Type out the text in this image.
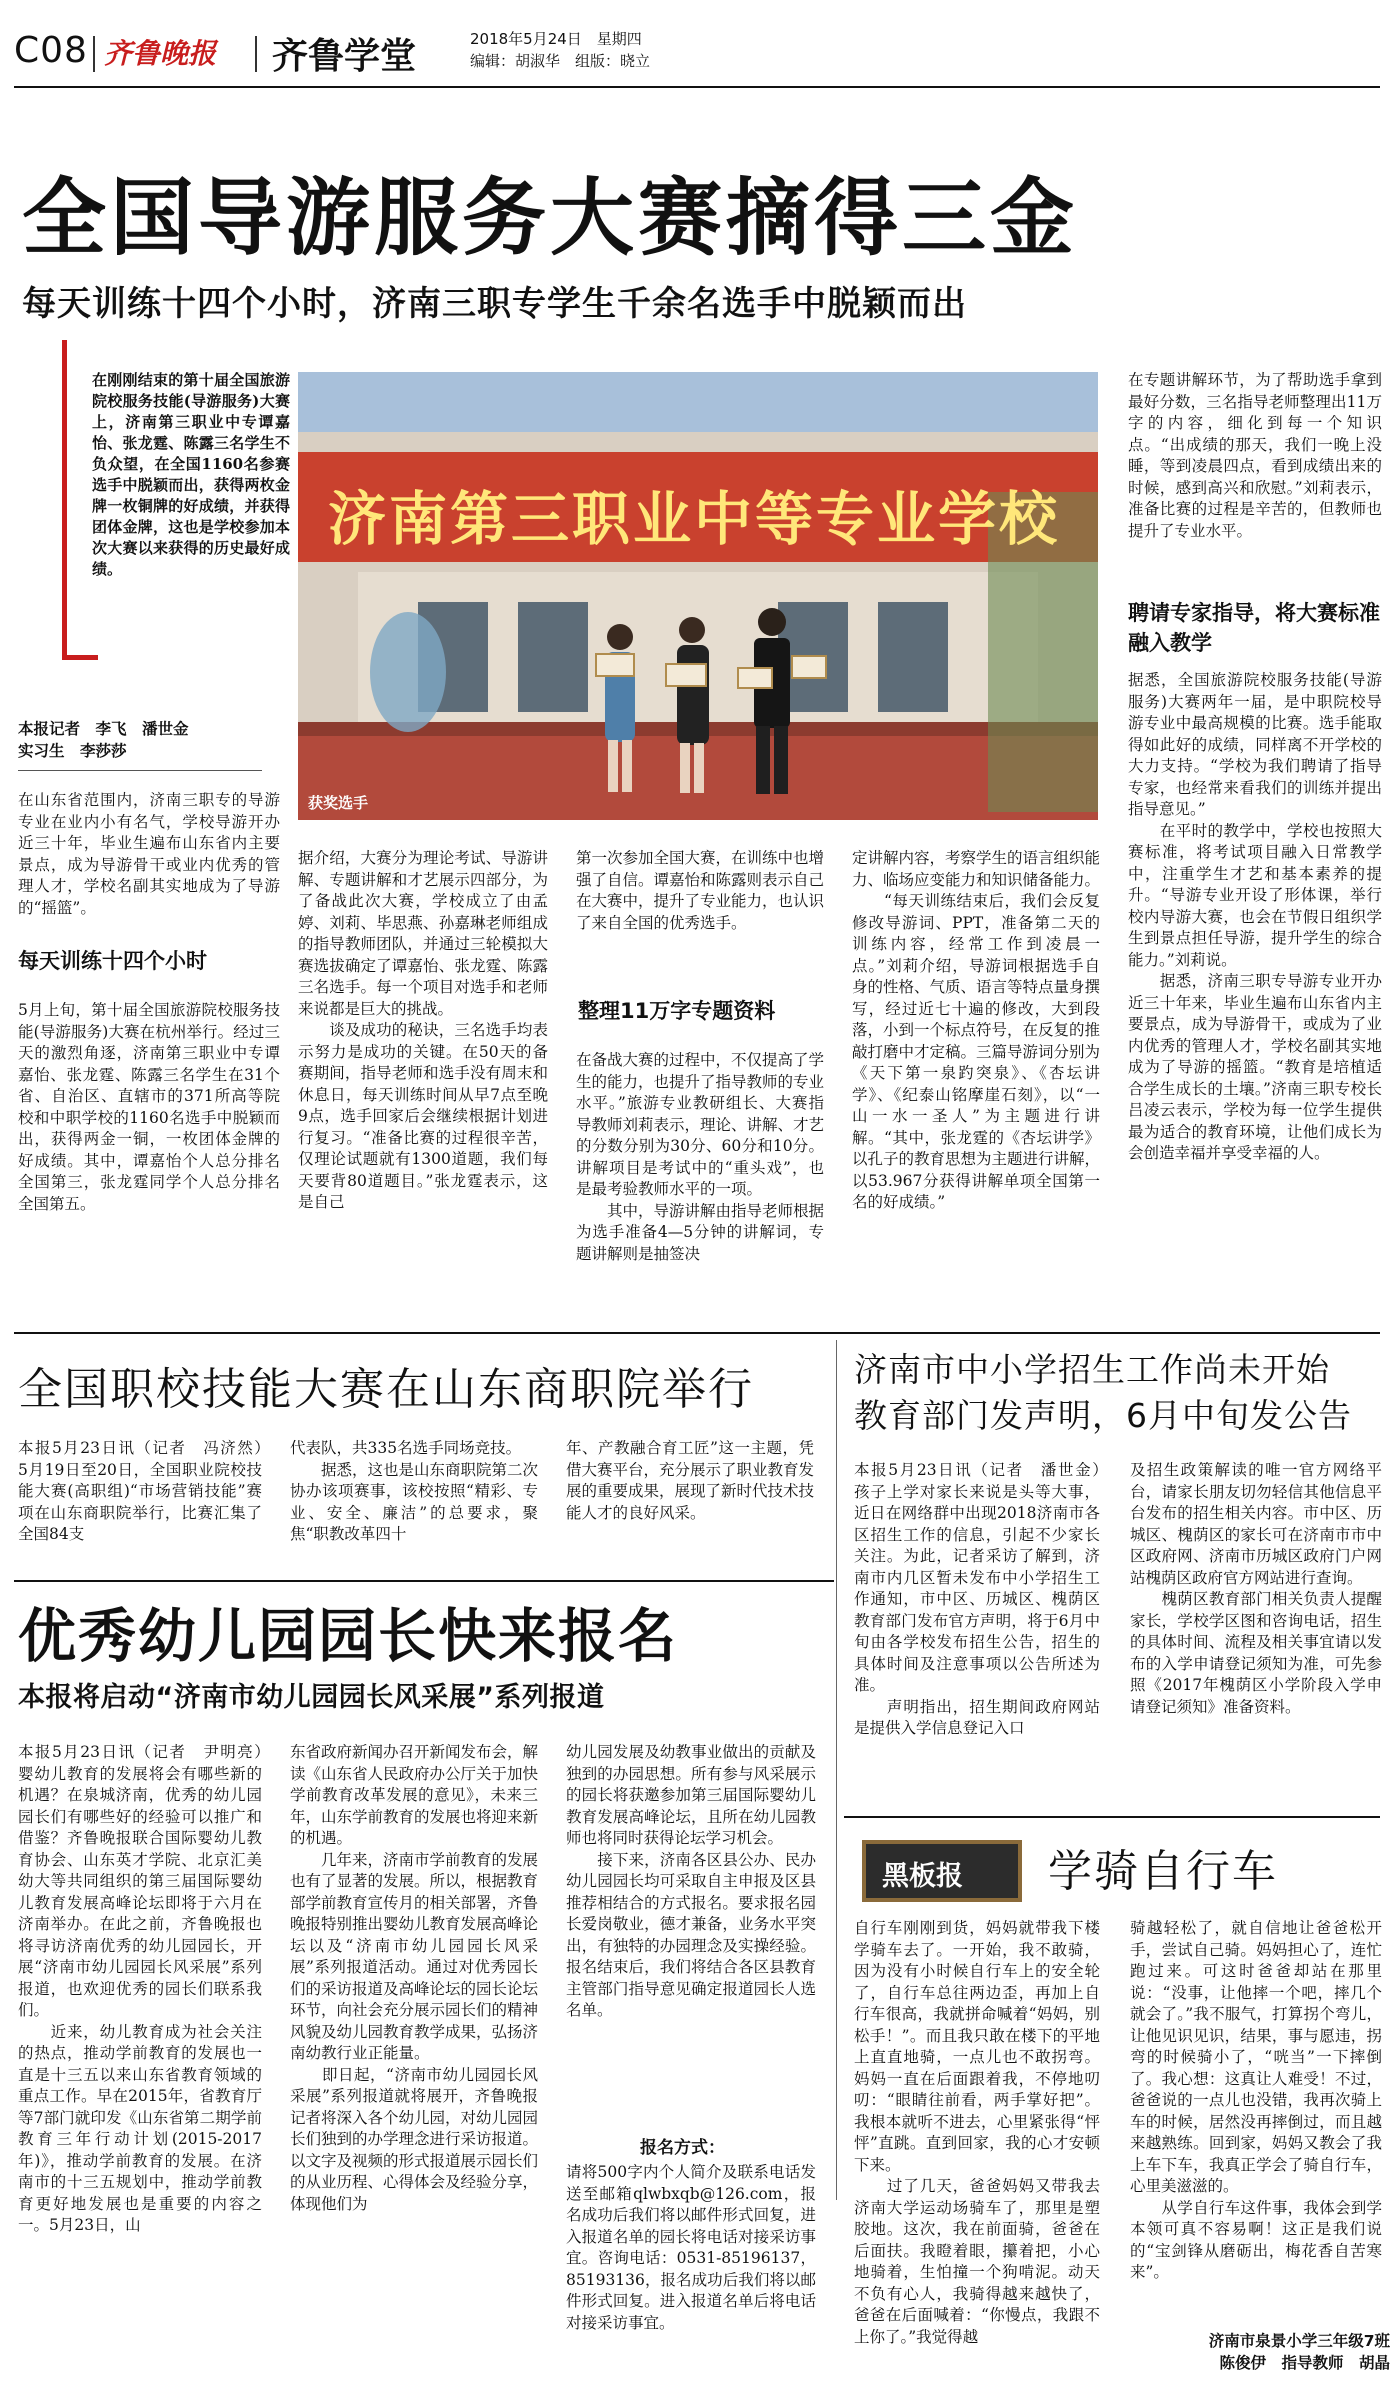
C08 齐鲁晚报 齐鲁学堂	2018年5月24日　星期四
编辑：胡淑华　组版：晓立
全国导游服务大赛摘得三金
每天训练十四个小时，济南三职专学生千余名选手中脱颖而出

在刚刚结束的第十届全国旅游院校服务技能(导游服务)大赛上，济南第三职业中专谭嘉怡、张龙霆、陈露三名学生不负众望，在全国1160名参赛选手中脱颖而出，获得两枚金牌一枚铜牌的好成绩，并获得团体金牌，这也是学校参加本次大赛以来获得的历史最好成绩。

本报记者　李飞　潘世金
实习生　李莎莎

济南第三职业中等专业学校
获奖选手

在山东省范围内，济南三职专的导游专业在业内小有名气，学校导游开办近三十年，毕业生遍布山东省内主要景点，成为导游骨干或业内优秀的管理人才，学校名副其实地成为了导游的“摇篮”。

每天训练十四个小时

5月上旬，第十届全国旅游院校服务技能(导游服务)大赛在杭州举行。经过三天的激烈角逐，济南第三职业中专谭嘉怡、张龙霆、陈露三名学生在31个省、自治区、直辖市的371所高等院校和中职学校的1160名选手中脱颖而出，获得两金一铜，一枚团体金牌的好成绩。其中，谭嘉怡个人总分排名全国第三，张龙霆同学个人总分排名全国第五。

据介绍，大赛分为理论考试、导游讲解、专题讲解和才艺展示四部分，为了备战此次大赛，学校成立了由孟婷、刘莉、毕思燕、孙嘉琳老师组成的指导教师团队，并通过三轮模拟大赛选拔确定了谭嘉怡、张龙霆、陈露三名选手。每一个项目对选手和老师来说都是巨大的挑战。
　　谈及成功的秘诀，三名选手均表示努力是成功的关键。在50天的备赛期间，指导老师和选手没有周末和休息日，每天训练时间从早7点至晚9点，选手回家后会继续根据计划进行复习。“准备比赛的过程很辛苦，仅理论试题就有1300道题，我们每天要背80道题目。”张龙霆表示，这是自己

第一次参加全国大赛，在训练中也增强了自信。谭嘉怡和陈露则表示自己在大赛中，提升了专业能力，也认识了来自全国的优秀选手。

整理11万字专题资料

在备战大赛的过程中，不仅提高了学生的能力，也提升了指导教师的专业水平。”旅游专业教研组长、大赛指导教师刘莉表示，理论、讲解、才艺的分数分别为30分、60分和10分。讲解项目是考试中的“重头戏”，也是最考验教师水平的一项。
　　其中，导游讲解由指导老师根据为选手准备4—5分钟的讲解词，专题讲解则是抽签决

定讲解内容，考察学生的语言组织能力、临场应变能力和知识储备能力。
　　“每天训练结束后，我们会反复修改导游词、PPT，准备第二天的训练内容，经常工作到凌晨一点。”刘莉介绍，导游词根据选手自身的性格、气质、语言等特点量身撰写，经过近七十遍的修改，大到段落，小到一个标点符号，在反复的推敲打磨中才定稿。三篇导游词分别为《天下第一泉趵突泉》、《杏坛讲学》、《纪泰山铭摩崖石刻》，以“一山一水一圣人”为主题进行讲解。“其中，张龙霆的《杏坛讲学》以孔子的教育思想为主题进行讲解，以53.967分获得讲解单项全国第一名的好成绩。”

在专题讲解环节，为了帮助选手拿到最好分数，三名指导老师整理出11万字的内容，细化到每一个知识点。“出成绩的那天，我们一晚上没睡，等到凌晨四点，看到成绩出来的时候，感到高兴和欣慰。”刘莉表示，准备比赛的过程是辛苦的，但教师也提升了专业水平。

聘请专家指导，将大赛标准融入教学

据悉，全国旅游院校服务技能(导游服务)大赛两年一届，是中职院校导游专业中最高规模的比赛。选手能取得如此好的成绩，同样离不开学校的大力支持。“学校为我们聘请了指导专家，也经常来看我们的训练并提出指导意见。”
　　在平时的教学中，学校也按照大赛标准，将考试项目融入日常教学中，注重学生才艺和基本素养的提升。“导游专业开设了形体课，举行校内导游大赛，也会在节假日组织学生到景点担任导游，提升学生的综合能力。”刘莉说。
　　据悉，济南三职专导游专业开办近三十年来，毕业生遍布山东省内主要景点，成为导游骨干，或成为了业内优秀的管理人才，学校名副其实地成为了导游的摇篮。“教育是培植适合学生成长的土壤。”济南三职专校长吕凌云表示，学校为每一位学生提供最为适合的教育环境，让他们成长为会创造幸福并享受幸福的人。

全国职校技能大赛在山东商职院举行

本报5月23日讯（记者　冯济然）　5月19日至20日，全国职业院校技能大赛(高职组)“市场营销技能”赛项在山东商职院举行，比赛汇集了全国84支

代表队，共335名选手同场竞技。
　　据悉，这也是山东商职院第二次协办该项赛事，该校按照“精彩、专业、安全、廉洁”的总要求，聚焦“职教改革四十

年、产教融合育工匠”这一主题，凭借大赛平台，充分展示了职业教育发展的重要成果，展现了新时代技术技能人才的良好风采。

济南市中小学招生工作尚未开始
教育部门发声明，6月中旬发公告

本报5月23日讯（记者　潘世金）　孩子上学对家长来说是头等大事，近日在网络群中出现2018济南市各区招生工作的信息，引起不少家长关注。为此，记者采访了解到，济南市内几区暂未发布中小学招生工作通知，市中区、历城区、槐荫区教育部门发布官方声明，将于6月中旬由各学校发布招生公告，招生的具体时间及注意事项以公告所述为准。
　　声明指出，招生期间政府网站是提供入学信息登记入口

及招生政策解读的唯一官方网络平台，请家长朋友切勿轻信其他信息平台发布的招生相关内容。市中区、历城区、槐荫区的家长可在济南市市中区政府网、济南市历城区政府门户网站槐荫区政府官方网站进行查询。
　　槐荫区教育部门相关负责人提醒家长，学校学区图和咨询电话，招生的具体时间、流程及相关事宜请以发布的入学申请登记须知为准，可先参照《2017年槐荫区小学阶段入学申请登记须知》准备资料。

优秀幼儿园园长快来报名
本报将启动“济南市幼儿园园长风采展”系列报道

本报5月23日讯（记者　尹明亮）　婴幼儿教育的发展将会有哪些新的机遇？在泉城济南，优秀的幼儿园园长们有哪些好的经验可以推广和借鉴？齐鲁晚报联合国际婴幼儿教育协会、山东英才学院、北京汇美幼大等共同组织的第三届国际婴幼儿教育发展高峰论坛即将于六月在济南举办。在此之前，齐鲁晚报也将寻访济南优秀的幼儿园园长，开展“济南市幼儿园园长风采展”系列报道，也欢迎优秀的园长们联系我们。
　　近来，幼儿教育成为社会关注的热点，推动学前教育的发展也一直是十三五以来山东省教育领域的重点工作。早在2015年，省教育厅等7部门就印发《山东省第二期学前教育三年行动计划(2015-2017年)》，推动学前教育的发展。在济南市的十三五规划中，推动学前教育更好地发展也是重要的内容之一。5月23日，山

东省政府新闻办召开新闻发布会，解读《山东省人民政府办公厅关于加快学前教育改革发展的意见》，未来三年，山东学前教育的发展也将迎来新的机遇。
　　几年来，济南市学前教育的发展也有了显著的发展。所以，根据教育部学前教育宣传月的相关部署，齐鲁晚报特别推出婴幼儿教育发展高峰论坛以及“济南市幼儿园园长风采展”系列报道活动。通过对优秀园长们的采访报道及高峰论坛的园长论坛环节，向社会充分展示园长们的精神风貌及幼儿园教育教学成果，弘扬济南幼教行业正能量。
　　即日起，“济南市幼儿园园长风采展”系列报道就将展开，齐鲁晚报记者将深入各个幼儿园，对幼儿园园长们独到的办学理念进行采访报道。以文字及视频的形式报道展示园长们的从业历程、心得体会及经验分享，体现他们为

幼儿园发展及幼教事业做出的贡献及独到的办园思想。所有参与风采展示的园长将获邀参加第三届国际婴幼儿教育发展高峰论坛，且所在幼儿园教师也将同时获得论坛学习机会。
　　接下来，济南各区县公办、民办幼儿园园长均可采取自主申报及区县推荐相结合的方式报名。要求报名园长爱岗敬业，德才兼备，业务水平突出，有独特的办园理念及实操经验。报名结束后，我们将结合各区县教育主管部门指导意见确定报道园长人选名单。

报名方式：

请将500字内个人简介及联系电话发送至邮箱qlwbxqb@126.com，报名成功后我们将以邮件形式回复，进入报道名单的园长将电话对接采访事宜。咨询电话：0531-85196137，85193136，报名成功后我们将以邮件形式回复。进入报道名单后将电话对接采访事宜。

黑板报 学骑自行车

自行车刚刚到货，妈妈就带我下楼学骑车去了。一开始，我不敢骑，因为没有小时候自行车上的安全轮了，自行车总往两边歪，再加上自行车很高，我就拼命喊着“妈妈，别松手！”。而且我只敢在楼下的平地上直直地骑，一点儿也不敢拐弯。妈妈一直在后面跟着我，不停地叨叨：“眼睛往前看，两手掌好把”。我根本就听不进去，心里紧张得“怦怦”直跳。直到回家，我的心才安顿下来。
　　过了几天，爸爸妈妈又带我去济南大学运动场骑车了，那里是塑胶地。这次，我在前面骑，爸爸在后面扶。我瞪着眼，攥着把，小心地骑着，生怕撞一个狗啃泥。动天不负有心人，我骑得越来越快了，爸爸在后面喊着：“你慢点，我跟不上你了。”我觉得越

骑越轻松了，就自信地让爸爸松开手，尝试自己骑。妈妈担心了，连忙跑过来。可这时爸爸却站在那里说：“没事，让他摔一个吧，摔几个就会了。”我不服气，打算拐个弯儿，让他见识见识，结果，事与愿违，拐弯的时候骑小了，“咣当”一下摔倒了。我心想：这真让人难受！不过，爸爸说的一点儿也没错，我再次骑上车的时候，居然没再摔倒过，而且越来越熟练。回到家，妈妈又教会了我上车下车，我真正学会了骑自行车，心里美滋滋的。
　　从学自行车这件事，我体会到学本领可真不容易啊！这正是我们说的“宝剑锋从磨砺出，梅花香自苦寒来”。

济南市泉景小学三年级7班
陈俊伊　指导教师　胡晶
